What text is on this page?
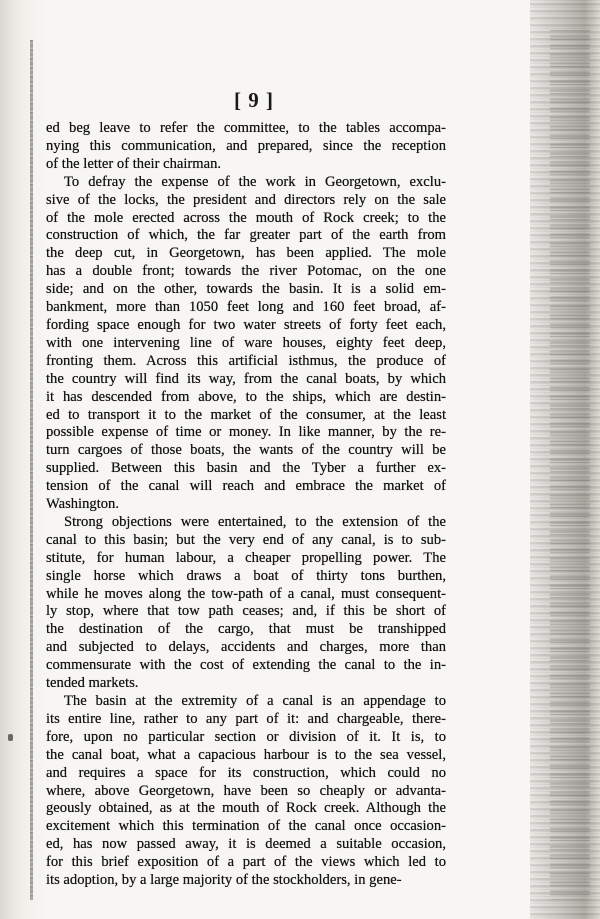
[ 9 ]

ed beg leave to refer the committee, to the tables accompa-
nying this communication, and prepared, since the reception
of the letter of their chairman.

To defray the expense of the work in Georgetown, exclu-
sive of the locks, the president and directors rely on the sale
of the mole erected across the mouth of Rock creek; to the
construction of which, the far greater part of the earth from
the deep cut, in Georgetown, has been applied. The mole
has a double front; towards the river Potomac, on the one
side; and on the other, towards the basin. It is a solid em-
bankment, more than 1050 feet long and 160 feet broad, af-
fording space enough for two water streets of forty feet each,
with one intervening line of ware houses, eighty feet deep,
fronting them. Across this artificial isthmus, the produce of
the country will find its way, from the canal boats, by which
it has descended from above, to the ships, which are destin-
ed to transport it to the market of the consumer, at the least
possible expense of time or money. In like manner, by the re-
turn cargoes of those boats, the wants of the country will be
supplied. Between this basin and the Tyber a further ex-
tension of the canal will reach and embrace the market of
Washington.

Strong objections were entertained, to the extension of the
canal to this basin; but the very end of any canal, is to sub-
stitute, for human labour, a cheaper propelling power. The
single horse which draws a boat of thirty tons burthen,
while he moves along the tow-path of a canal, must consequent-
ly stop, where that tow path ceases; and, if this be short of
the destination of the cargo, that must be transhipped
and subjected to delays, accidents and charges, more than
commensurate with the cost of extending the canal to the in-
tended markets.

The basin at the extremity of a canal is an appendage to
its entire line, rather to any part of it: and chargeable, there-
fore, upon no particular section or division of it. It is, to
the canal boat, what a capacious harbour is to the sea vessel,
and requires a space for its construction, which could no
where, above Georgetown, have been so cheaply or advanta-
geously obtained, as at the mouth of Rock creek. Although the
excitement which this termination of the canal once occasion-
ed, has now passed away, it is deemed a suitable occasion,
for this brief exposition of a part of the views which led to
its adoption, by a large majority of the stockholders, in gene-
